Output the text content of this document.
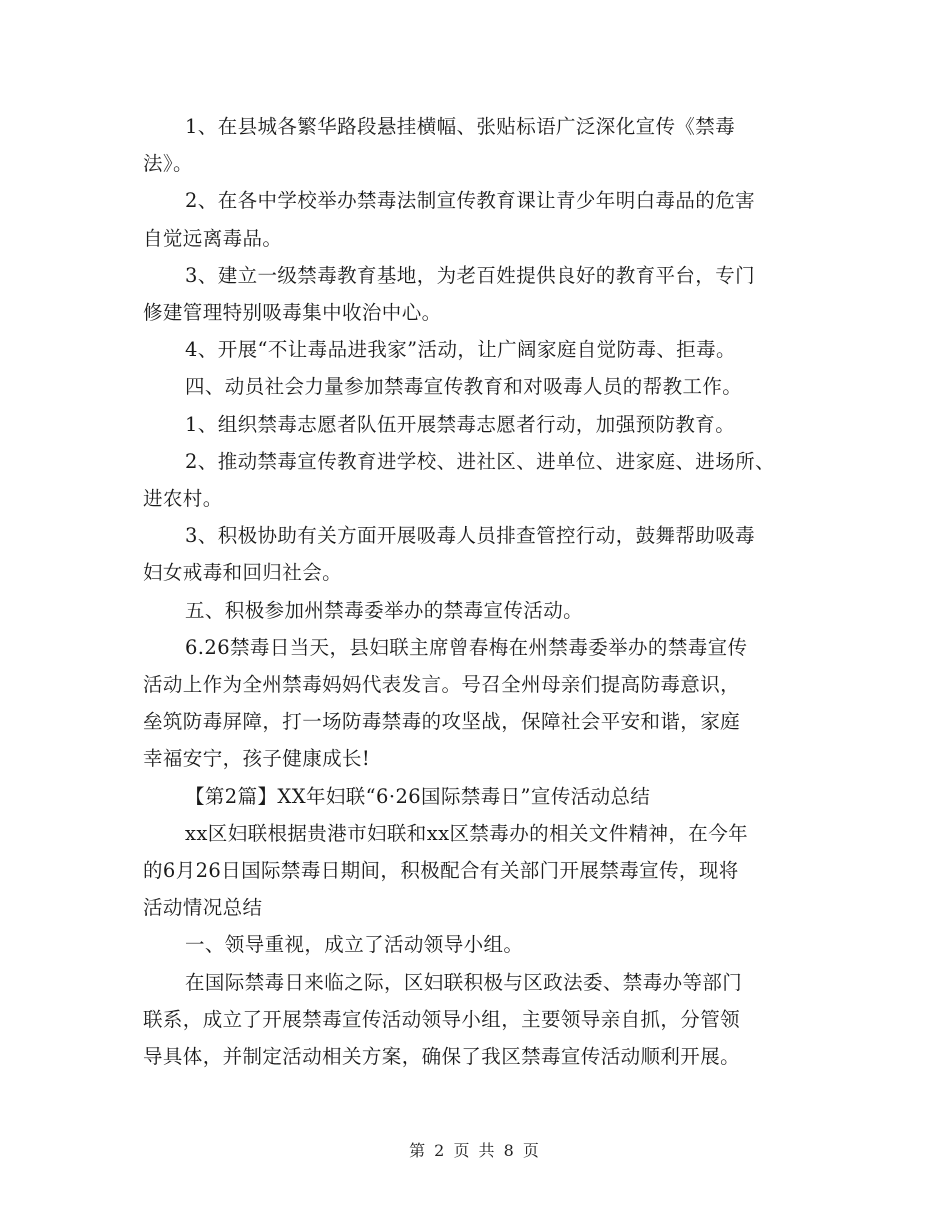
1、在县城各繁华路段悬挂横幅、张贴标语广泛深化宣传《禁毒
法》。

2、在各中学校举办禁毒法制宣传教育课让青少年明白毒品的危害
自觉远离毒品。

3、建立一级禁毒教育基地，为老百姓提供良好的教育平台，专门
修建管理特别吸毒集中收治中心。

4、开展“不让毒品进我家”活动，让广阔家庭自觉防毒、拒毒。

四、动员社会力量参加禁毒宣传教育和对吸毒人员的帮教工作。

1、组织禁毒志愿者队伍开展禁毒志愿者行动，加强预防教育。

2、推动禁毒宣传教育进学校、进社区、进单位、进家庭、进场所、
进农村。

3、积极协助有关方面开展吸毒人员排查管控行动，鼓舞帮助吸毒
妇女戒毒和回归社会。

五、积极参加州禁毒委举办的禁毒宣传活动。

6.26禁毒日当天，县妇联主席曾春梅在州禁毒委举办的禁毒宣传
活动上作为全州禁毒妈妈代表发言。号召全州母亲们提高防毒意识，
垒筑防毒屏障，打一场防毒禁毒的攻坚战，保障社会平安和谐，家庭
幸福安宁，孩子健康成长!

【第2篇】XX年妇联“6·26国际禁毒日”宣传活动总结

xx区妇联根据贵港市妇联和xx区禁毒办的相关文件精神，在今年
的6月26日国际禁毒日期间，积极配合有关部门开展禁毒宣传，现将
活动情况总结

一、领导重视，成立了活动领导小组。

在国际禁毒日来临之际，区妇联积极与区政法委、禁毒办等部门
联系，成立了开展禁毒宣传活动领导小组，主要领导亲自抓，分管领
导具体，并制定活动相关方案，确保了我区禁毒宣传活动顺利开展。

第 2 页 共 8 页
